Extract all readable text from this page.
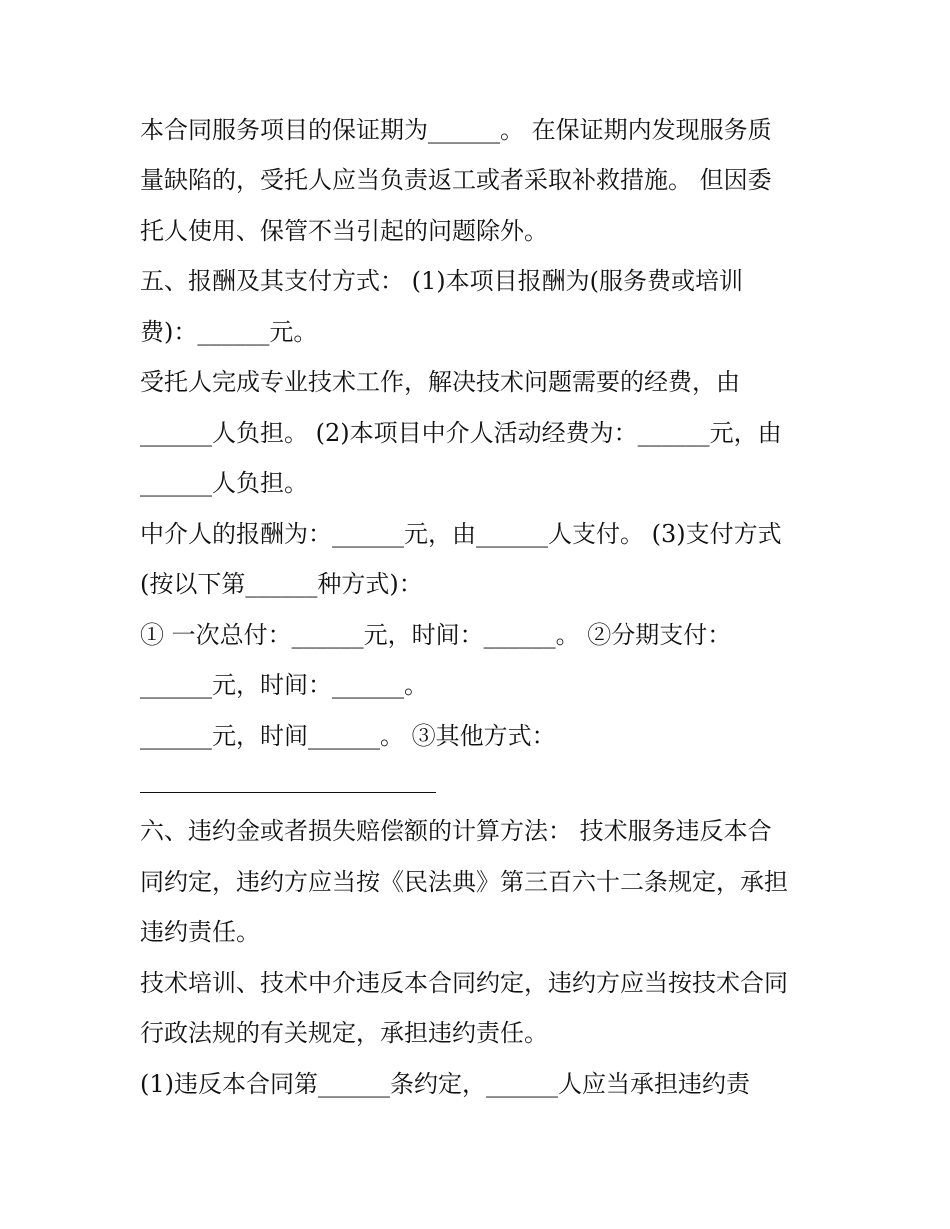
本合同服务项目的保证期为______。 在保证期内发现服务质
量缺陷的，受托人应当负责返工或者采取补救措施。 但因委
托人使用、保管不当引起的问题除外。
五、报酬及其支付方式： (1)本项目报酬为(服务费或培训
费)：______元。
受托人完成专业技术工作，解决技术问题需要的经费，由
______人负担。 (2)本项目中介人活动经费为：______元，由
______人负担。
中介人的报酬为：______元，由______人支付。 (3)支付方式
(按以下第______种方式)：
① 一次总付：______元，时间：______。 ②分期支付：
______元，时间：______。
______元，时间______。 ③其他方式：
六、违约金或者损失赔偿额的计算方法： 技术服务违反本合
同约定，违约方应当按《民法典》第三百六十二条规定，承担
违约责任。
技术培训、技术中介违反本合同约定，违约方应当按技术合同
行政法规的有关规定，承担违约责任。
(1)违反本合同第______条约定，______人应当承担违约责
